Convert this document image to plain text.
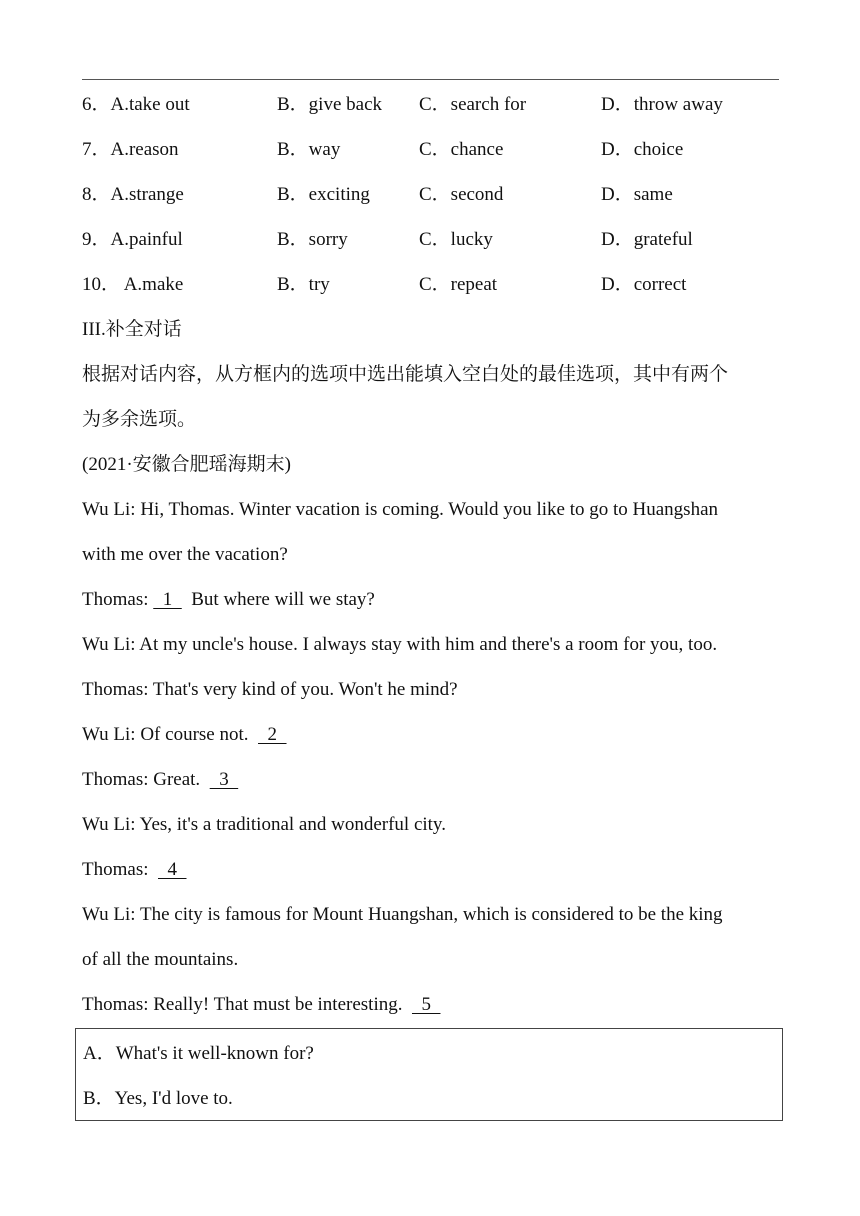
6．A.take out	B．give back C．search for	D．throw away
7．A.reason	B．way	C．chance	D．choice
8．A.strange	B．exciting	C．second	D．same
9．A.painful	B．sorry	C．lucky	D．grateful
10． A.make	B．try	C．repeat	D．correct
III.补全对话
根据对话内容，从方框内的选项中选出能填入空白处的最佳选项，其中有两个
为多余选项。
(2021·安徽合肥瑶海期末)
Wu Li: Hi, Thomas. Winter vacation is coming. Would you like to go to Huangshan
with me over the vacation?
Thomas:   1    But where will we stay?
Wu Li: At my uncle's house. I always stay with him and there's a room for you, too.
Thomas: That's very kind of you. Won't he mind?
Wu Li: Of course not.    2
Thomas: Great.    3
Wu Li: Yes, it's a traditional and wonderful city.
Thomas:    4
Wu Li: The city is famous for Mount Huangshan, which is considered to be the king
of all the mountains.
Thomas: Really! That must be interesting.    5
A．What's it well-known for?
B．Yes, I'd love to.
